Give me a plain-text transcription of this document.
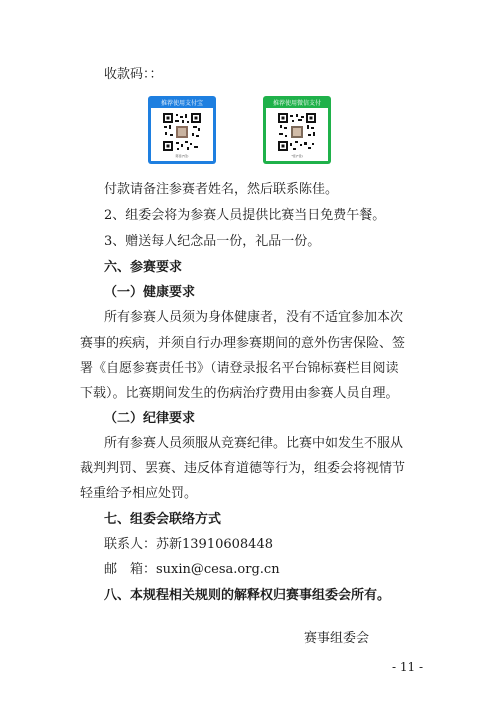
收款码：：
推荐使用支付宝
陈佳(*佳)
推荐使用微信支付
*佳(*佳)
付款请备注参赛者姓名，然后联系陈佳。
2、组委会将为参赛人员提供比赛当日免费午餐。
3、赠送每人纪念品一份，礼品一份。
六、参赛要求
（一）健康要求
所有参赛人员须为身体健康者，没有不适宜参加本次
赛事的疾病，并须自行办理参赛期间的意外伤害保险、签
署《自愿参赛责任书》（请登录报名平台锦标赛栏目阅读
下载）。比赛期间发生的伤病治疗费用由参赛人员自理。
（二）纪律要求
所有参赛人员须服从竞赛纪律。比赛中如发生不服从
裁判判罚、罢赛、违反体育道德等行为，组委会将视情节
轻重给予相应处罚。
七、组委会联络方式
联系人：苏新13910608448
邮　箱：suxin@cesa.org.cn
八、本规程相关规则的解释权归赛事组委会所有。
赛事组委会
- 11 -
